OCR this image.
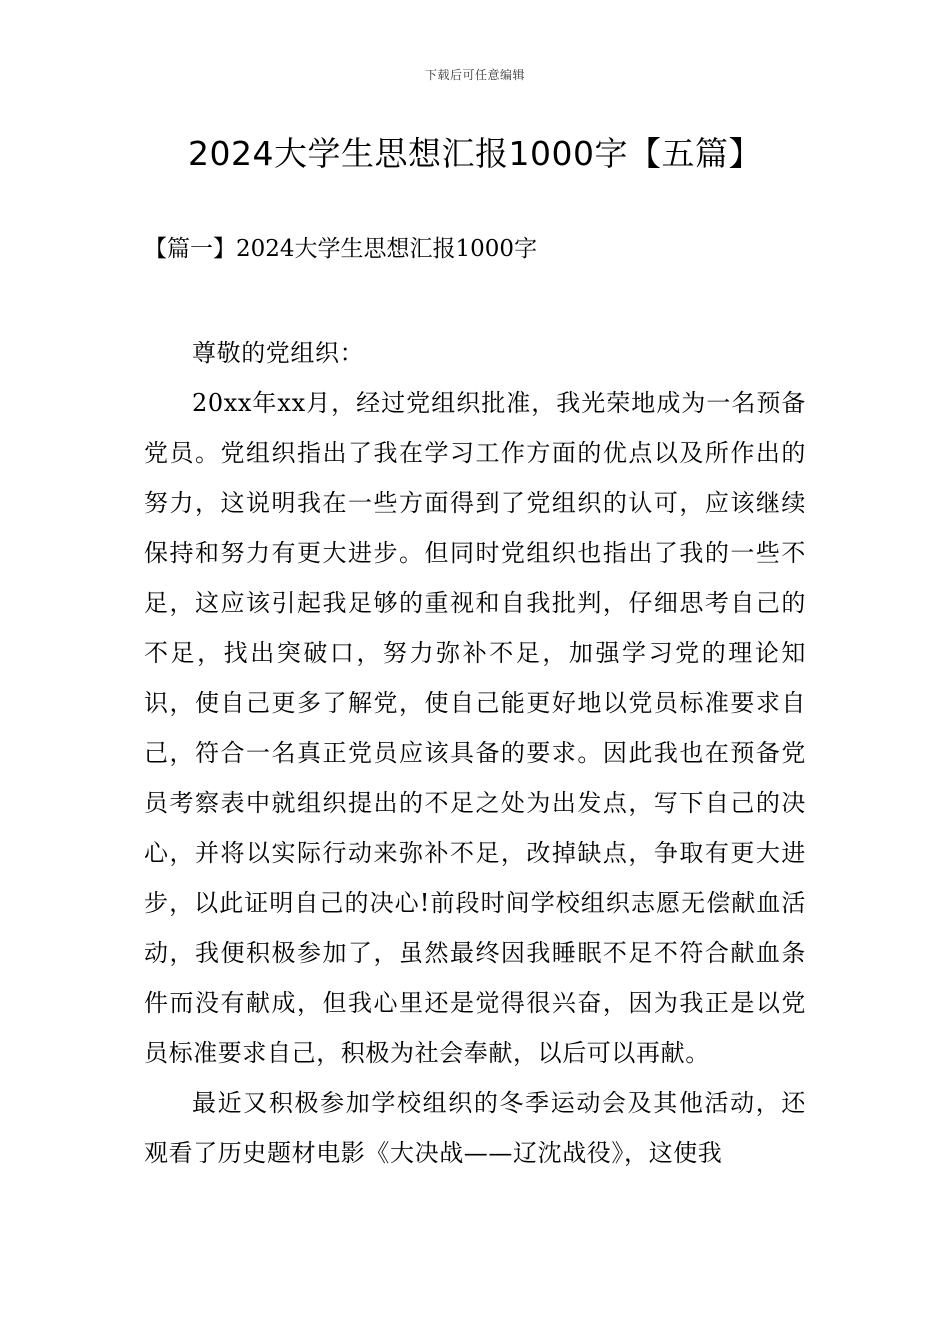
下载后可任意编辑
2024大学生思想汇报1000字【五篇】
【篇一】2024大学生思想汇报1000字

尊敬的党组织：

20xx年xx月，经过党组织批准，我光荣地成为一名预备党员。党组织指出了我在学习工作方面的优点以及所作出的努力，这说明我在一些方面得到了党组织的认可，应该继续保持和努力有更大进步。但同时党组织也指出了我的一些不足，这应该引起我足够的重视和自我批判，仔细思考自己的不足，找出突破口，努力弥补不足，加强学习党的理论知识，使自己更多了解党，使自己能更好地以党员标准要求自己，符合一名真正党员应该具备的要求。因此我也在预备党员考察表中就组织提出的不足之处为出发点，写下自己的决心，并将以实际行动来弥补不足，改掉缺点，争取有更大进步，以此证明自己的决心!前段时间学校组织志愿无偿献血活动，我便积极参加了，虽然最终因我睡眠不足不符合献血条件而没有献成，但我心里还是觉得很兴奋，因为我正是以党员标准要求自己，积极为社会奉献，以后可以再献。

最近又积极参加学校组织的冬季运动会及其他活动，还观看了历史题材电影《大决战——辽沈战役》，这使我
